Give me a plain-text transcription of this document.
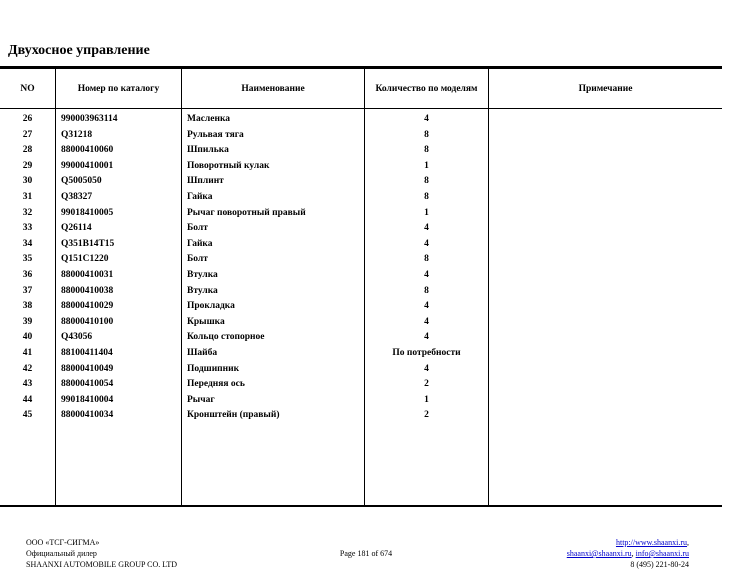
Двухосное управление
NO	Номер по каталогу	Наименование	Количество по моделям	Примечание
26	990003963114	Масленка	4
27	Q31218	Рульвая тяга	8
28	88000410060	Шпилька	8
29	99000410001	Поворотный кулак	1
30	Q5005050	Шплинт	8
31	Q38327	Гайка	8
32	99018410005	Рычаг поворотный правый	1
33	Q26114	Болт	4
34	Q351B14T15	Гайка	4
35	Q151C1220	Болт	8
36	88000410031	Втулка	4
37	88000410038	Втулка	8
38	88000410029	Прокладка	4
39	88000410100	Крышка	4
40	Q43056	Кольцо стопорное	4
41	88100411404	Шайба	По потребности
42	88000410049	Подшипник	4
43	88000410054	Передняя ось	2
44	99018410004	Рычаг	1
45	88000410034	Кронштейн (правый)	2
ООО «ТСГ-СИГМА»
Официальный дилер
SHAANXI AUTOMOBILE GROUP CO. LTD
Page 181 of 674
http://www.shaanxi.ru,
shaanxi@shaanxi.ru, info@shaanxi.ru
8 (495) 221-80-24
